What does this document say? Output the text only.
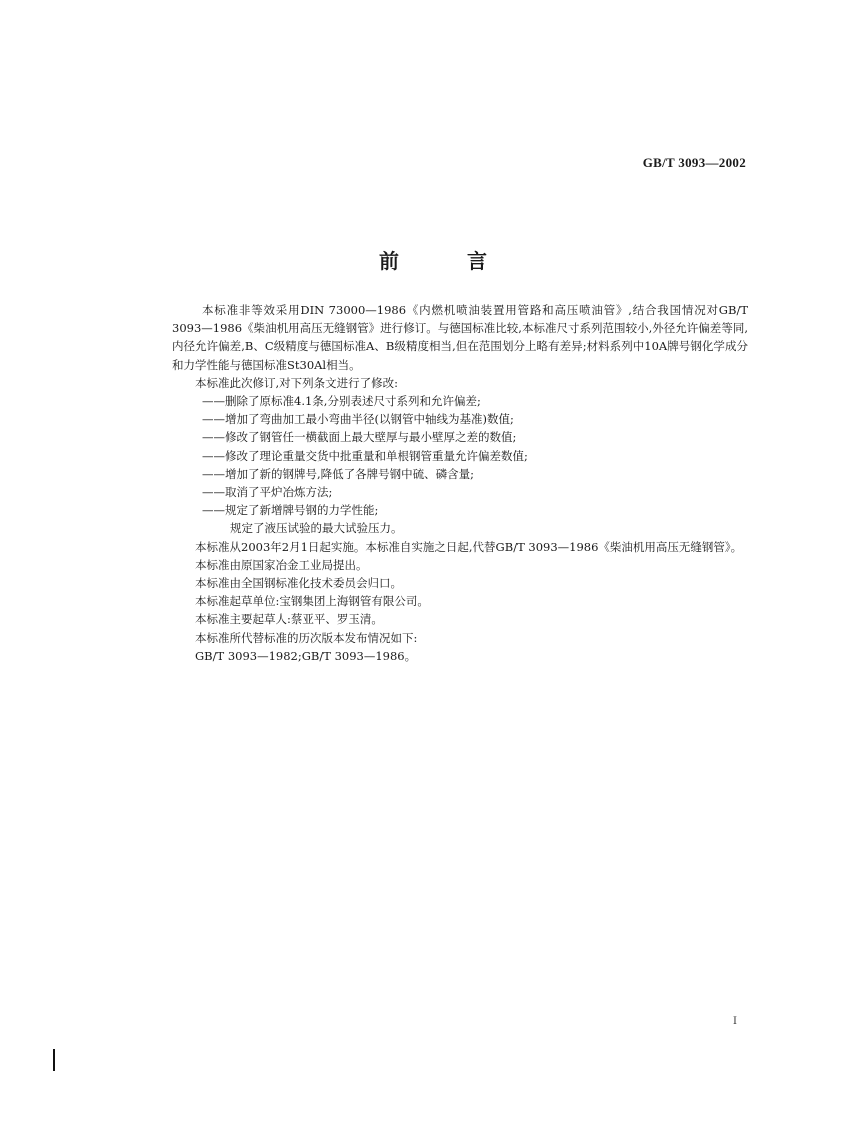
GB/T 3093—2002
前　言

本标准非等效采用DIN 73000—1986《内燃机喷油装置用管路和高压喷油管》,结合我国情况对GB/T 3093—1986《柴油机用高压无缝钢管》进行修订。与德国标准比较,本标准尺寸系列范围较小,外径允许偏差等同,内径允许偏差,B、C级精度与德国标准A、B级精度相当,但在范围划分上略有差异;材料系列中10A牌号钢化学成分和力学性能与德国标准St30Al相当。

本标准此次修订,对下列条文进行了修改:

——删除了原标准4.1条,分别表述尺寸系列和允许偏差;

——增加了弯曲加工最小弯曲半径(以钢管中轴线为基准)数值;

——修改了钢管任一横截面上最大壁厚与最小壁厚之差的数值;

——修改了理论重量交货中批重量和单根钢管重量允许偏差数值;

——增加了新的钢牌号,降低了各牌号钢中硫、磷含量;

——取消了平炉冶炼方法;

——规定了新增牌号钢的力学性能;

规定了液压试验的最大试验压力。

本标准从2003年2月1日起实施。本标准自实施之日起,代替GB/T 3093—1986《柴油机用高压无缝钢管》。

本标准由原国家冶金工业局提出。

本标准由全国钢标准化技术委员会归口。

本标准起草单位:宝钢集团上海钢管有限公司。

本标准主要起草人:蔡亚平、罗玉清。

本标准所代替标准的历次版本发布情况如下:

GB/T 3093—1982;GB/T 3093—1986。

I
